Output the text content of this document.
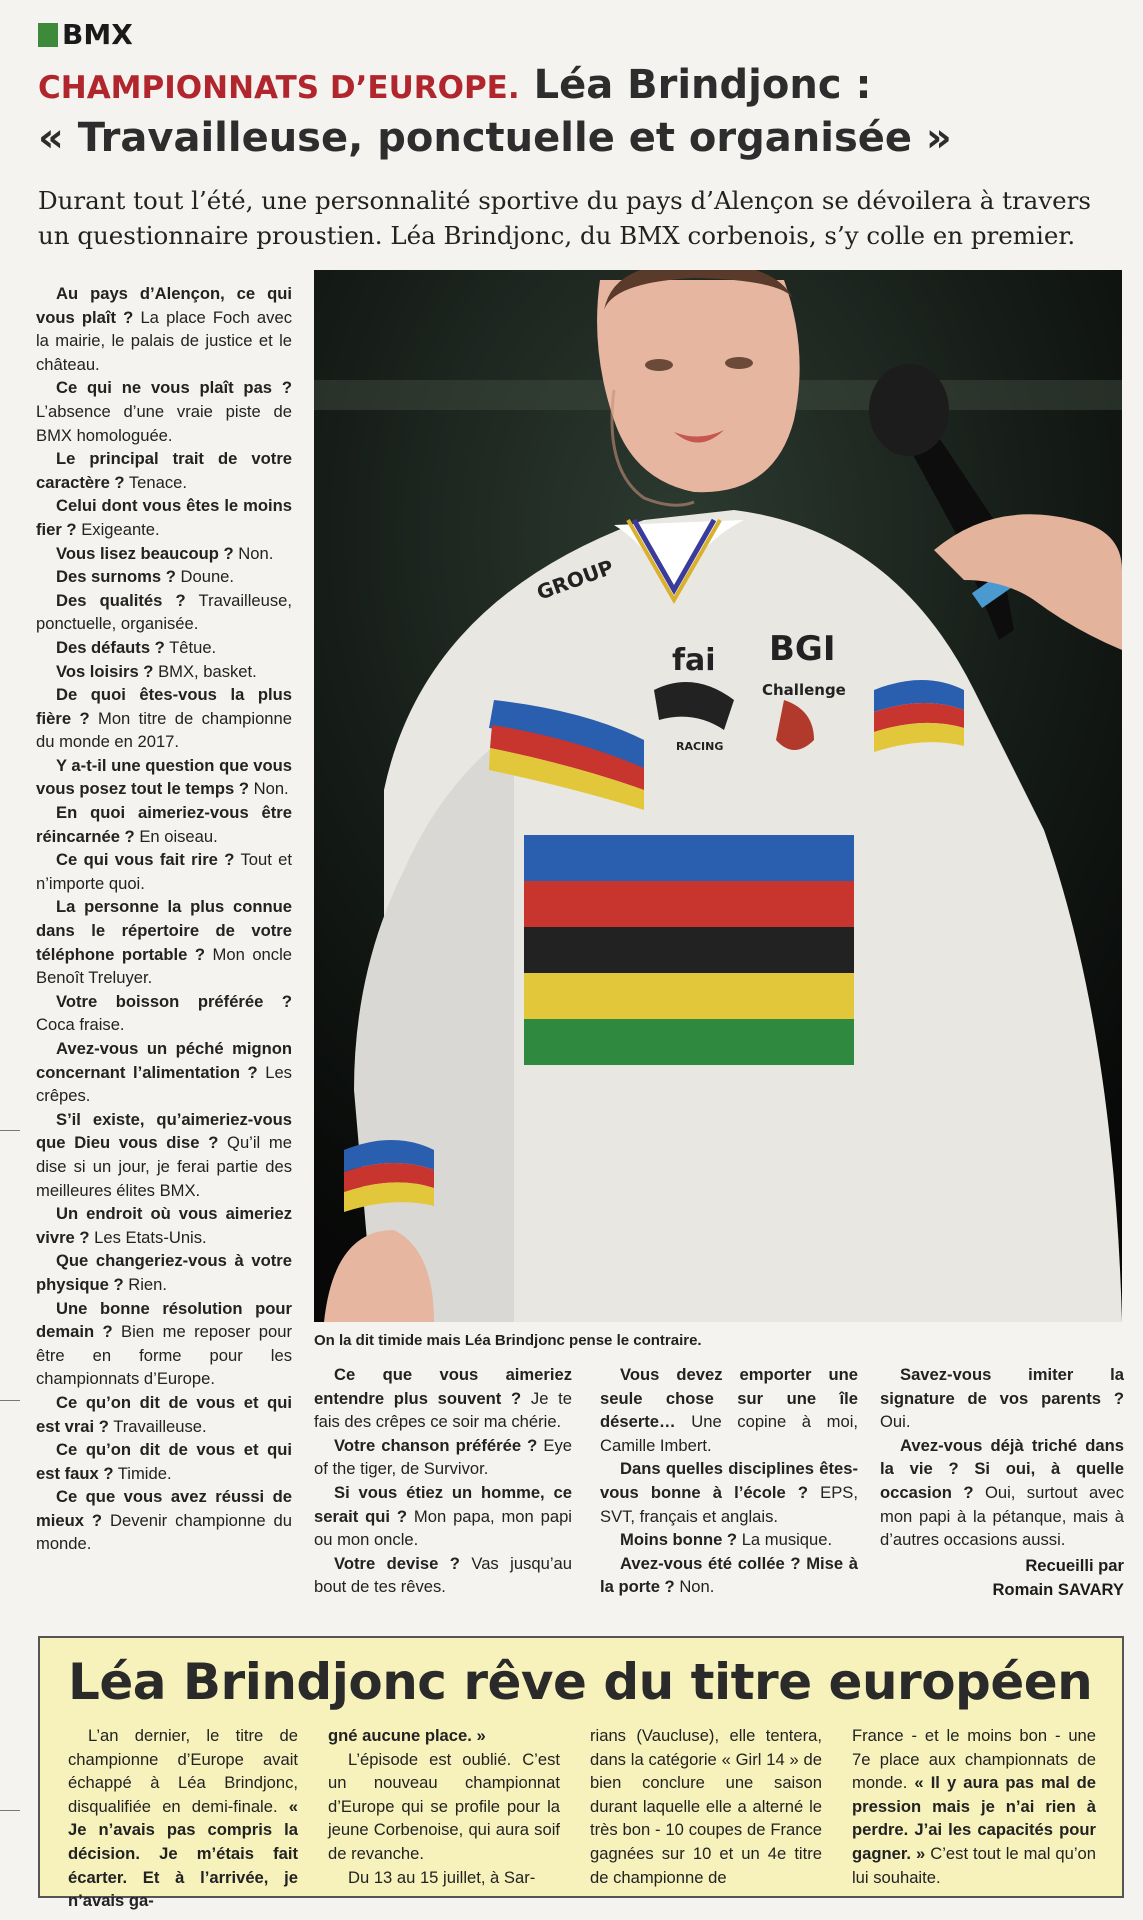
BMX
CHAMPIONNATS D’EUROPE. Léa Brindjonc :
« Travailleuse, ponctuelle et organisée »
Durant tout l’été, une personnalité sportive du pays d’Alençon se dévoilera à travers un questionnaire proustien. Léa Brindjonc, du BMX corbenois, s’y colle en premier.

Au pays d’Alençon, ce qui vous plaît ? La place Foch avec la mairie, le palais de justice et le château.

Ce qui ne vous plaît pas ? L’absence d’une vraie piste de BMX homologuée.

Le principal trait de votre caractère ? Tenace.

Celui dont vous êtes le moins fier ? Exigeante.

Vous lisez beaucoup ? Non.

Des surnoms ? Doune.

Des qualités ? Travailleuse, ponctuelle, organisée.

Des défauts ? Têtue.

Vos loisirs ? BMX, basket.

De quoi êtes-vous la plus fière ? Mon titre de championne du monde en 2017.

Y a-t-il une question que vous vous posez tout le temps ? Non.

En quoi aimeriez-vous être réincarnée ? En oiseau.

Ce qui vous fait rire ? Tout et n’importe quoi.

La personne la plus connue dans le répertoire de votre téléphone portable ? Mon oncle Benoît Treluyer.

Votre boisson préférée ? Coca fraise.

Avez-vous un péché mignon concernant l’alimentation ? Les crêpes.

S’il existe, qu’aimeriez-vous que Dieu vous dise ? Qu’il me dise si un jour, je ferai partie des meilleures élites BMX.

Un endroit où vous aimeriez vivre ? Les Etats-Unis.

Que changeriez-vous à votre physique ? Rien.

Une bonne résolution pour demain ? Bien me reposer pour être en forme pour les championnats d’Europe.

Ce qu’on dit de vous et qui est vrai ? Travailleuse.

Ce qu’on dit de vous et qui est faux ? Timide.

Ce que vous avez réussi de mieux ? Devenir championne du monde.

GROUP
BGI
Challenge
fai
RACING
On la dit timide mais Léa Brindjonc pense le contraire.

Ce que vous aimeriez entendre plus souvent ? Je te fais des crêpes ce soir ma chérie.

Votre chanson préférée ? Eye of the tiger, de Survivor.

Si vous étiez un homme, ce serait qui ? Mon papa, mon papi ou mon oncle.

Votre devise ? Vas jusqu’au bout de tes rêves.

Vous devez emporter une seule chose sur une île déserte… Une copine à moi, Camille Imbert.

Dans quelles disciplines êtes-vous bonne à l’école ? EPS, SVT, français et anglais.

Moins bonne ? La musique.

Avez-vous été collée ? Mise à la porte ? Non.

Savez-vous imiter la signature de vos parents ? Oui.

Avez-vous déjà triché dans la vie ? Si oui, à quelle occasion ? Oui, surtout avec mon papi à la pétanque, mais à d’autres occasions aussi.

Recueilli par
Romain SAVARY
Léa Brindjonc rêve du titre européen

L’an dernier, le titre de championne d’Europe avait échappé à Léa Brindjonc, disqualifiée en demi-finale. « Je n’avais pas compris la décision. Je m’étais fait écarter. Et à l’arrivée, je n’avais ga-

gné aucune place. »

L’épisode est oublié. C’est un nouveau championnat d’Europe qui se profile pour la jeune Corbenoise, qui aura soif de revanche.

Du 13 au 15 juillet, à Sar-

rians (Vaucluse), elle tentera, dans la catégorie « Girl 14 » de bien conclure une saison durant laquelle elle a alterné le très bon - 10 coupes de France gagnées sur 10 et un 4e titre de championne de
France - et le moins bon - une 7e place aux championnats de monde. « Il y aura pas mal de pression mais je n’ai rien à perdre. J’ai les capacités pour gagner. » C’est tout le mal qu’on lui souhaite.
